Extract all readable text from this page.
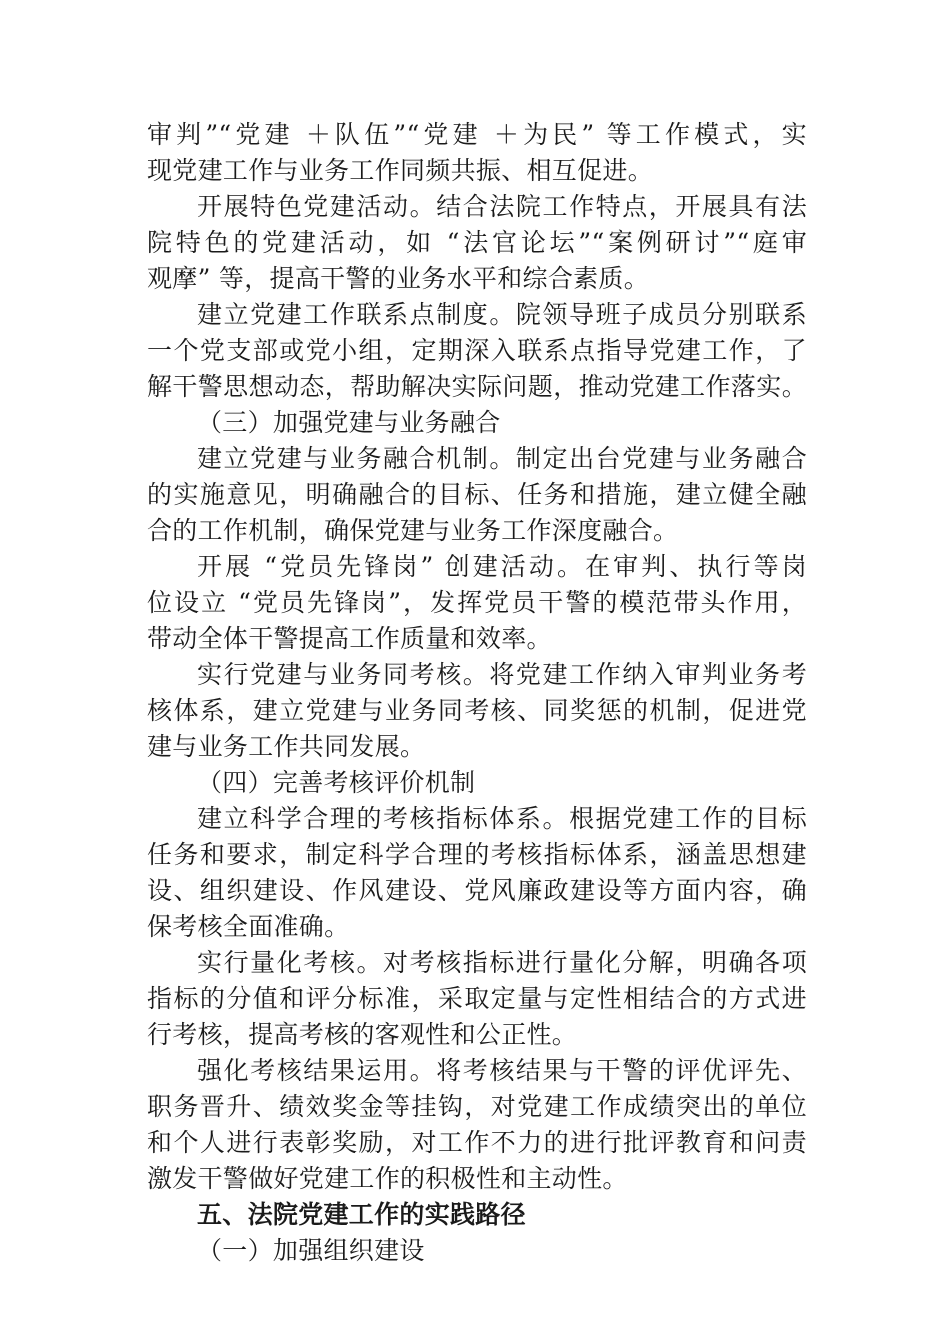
审判”“党建 ＋队伍”“党建 ＋为民” 等工作模式，实
现党建工作与业务工作同频共振、相互促进。
开展特色党建活动。结合法院工作特点，开展具有法
院特色的党建活动，如 “法官论坛”“案例研讨”“庭审
观摩” 等，提高干警的业务水平和综合素质。
建立党建工作联系点制度。院领导班子成员分别联系
一个党支部或党小组，定期深入联系点指导党建工作，了
解干警思想动态，帮助解决实际问题，推动党建工作落实。
（三）加强党建与业务融合
建立党建与业务融合机制。制定出台党建与业务融合
的实施意见，明确融合的目标、任务和措施，建立健全融
合的工作机制，确保党建与业务工作深度融合。
开展 “党员先锋岗” 创建活动。在审判、执行等岗
位设立 “党员先锋岗”，发挥党员干警的模范带头作用，
带动全体干警提高工作质量和效率。
实行党建与业务同考核。将党建工作纳入审判业务考
核体系，建立党建与业务同考核、同奖惩的机制，促进党
建与业务工作共同发展。
（四）完善考核评价机制
建立科学合理的考核指标体系。根据党建工作的目标
任务和要求，制定科学合理的考核指标体系，涵盖思想建
设、组织建设、作风建设、党风廉政建设等方面内容，确
保考核全面准确。
实行量化考核。对考核指标进行量化分解，明确各项
指标的分值和评分标准，采取定量与定性相结合的方式进
行考核，提高考核的客观性和公正性。
强化考核结果运用。将考核结果与干警的评优评先、
职务晋升、绩效奖金等挂钩，对党建工作成绩突出的单位
和个人进行表彰奖励，对工作不力的进行批评教育和问责
激发干警做好党建工作的积极性和主动性。
五、法院党建工作的实践路径
（一）加强组织建设
